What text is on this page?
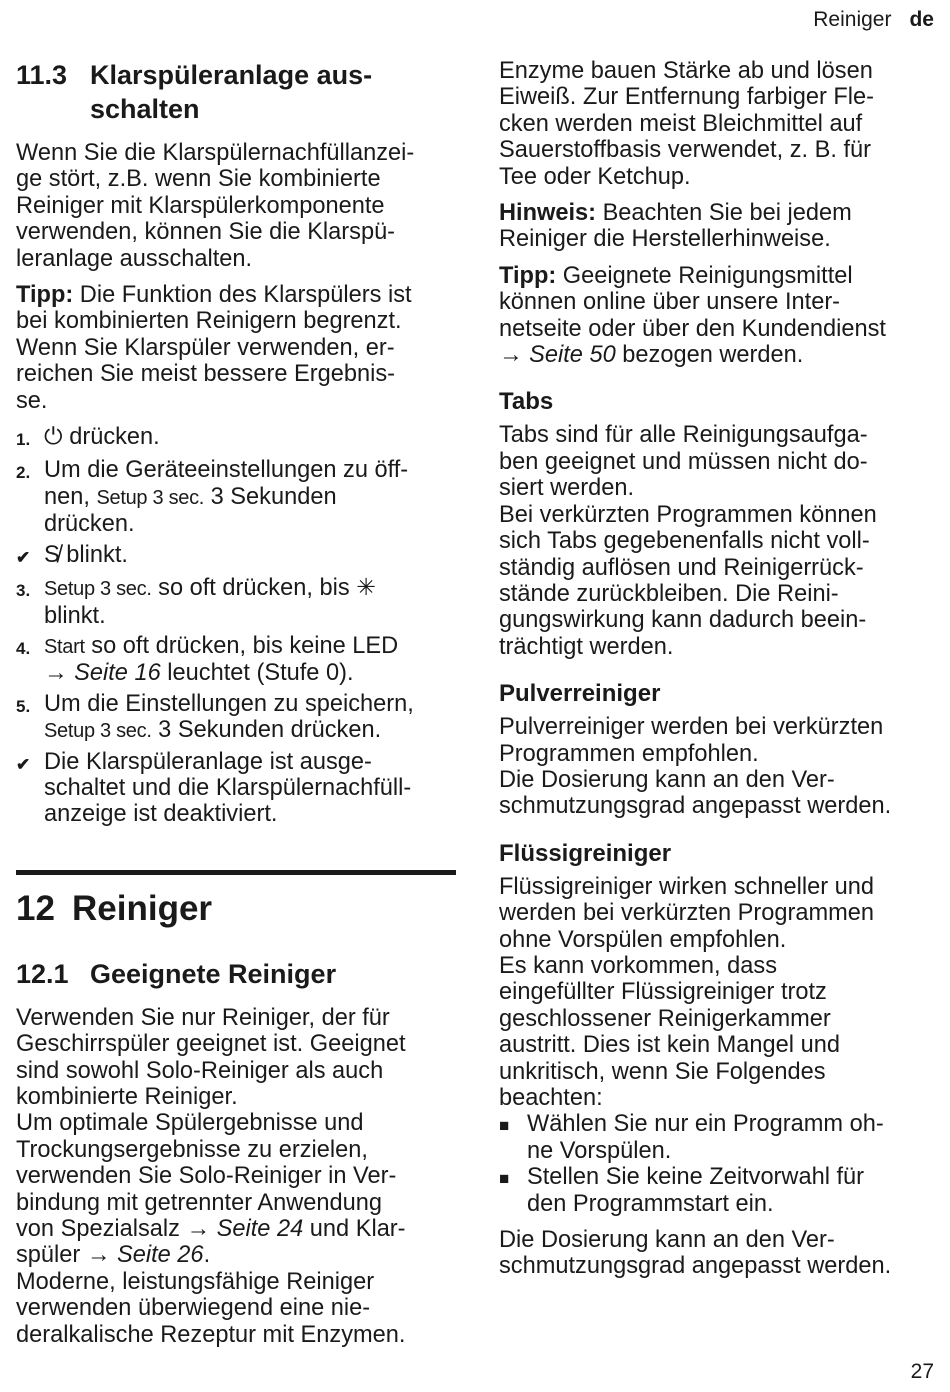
Reiniger de
11.3 Klarspüleranlage aus-
schalten

Wenn Sie die Klarspülernachfüllanzei-
ge stört, z.B. wenn Sie kombinierte
Reiniger mit Klarspülerkomponente
verwenden, können Sie die Klarspü-
leranlage ausschalten.

Tipp: Die Funktion des Klarspülers ist
bei kombinierten Reinigern begrenzt.
Wenn Sie Klarspüler verwenden, er-
reichen Sie meist bessere Ergebnis-
se.

1. ⏻ drücken.
2. Um die Geräteeinstellungen zu öff-
nen, Setup 3 sec. 3 Sekunden
drücken.
✔ S̸ blinkt.
3. Setup 3 sec. so oft drücken, bis ✳
blinkt.
4. Start so oft drücken, bis keine LED
→ Seite 16 leuchtet (Stufe 0).
5. Um die Einstellungen zu speichern,
Setup 3 sec. 3 Sekunden drücken.
✔ Die Klarspüleranlage ist ausge-
schaltet und die Klarspülernachfüll-
anzeige ist deaktiviert.
12 Reiniger
12.1 Geeignete Reiniger

Verwenden Sie nur Reiniger, der für
Geschirrspüler geeignet ist. Geeignet
sind sowohl Solo-Reiniger als auch
kombinierte Reiniger.
Um optimale Spülergebnisse und
Trockungsergebnisse zu erzielen,
verwenden Sie Solo-Reiniger in Ver-
bindung mit getrennter Anwendung
von Spezialsalz → Seite 24 und Klar-
spüler → Seite 26.
Moderne, leistungsfähige Reiniger
verwenden überwiegend eine nie-
deralkalische Rezeptur mit Enzymen.

Enzyme bauen Stärke ab und lösen
Eiweiß. Zur Entfernung farbiger Fle-
cken werden meist Bleichmittel auf
Sauerstoffbasis verwendet, z. B. für
Tee oder Ketchup.

Hinweis: Beachten Sie bei jedem
Reiniger die Herstellerhinweise.

Tipp: Geeignete Reinigungsmittel
können online über unsere Inter-
netseite oder über den Kundendienst
→ Seite 50 bezogen werden.

Tabs

Tabs sind für alle Reinigungsaufga-
ben geeignet und müssen nicht do-
siert werden.
Bei verkürzten Programmen können
sich Tabs gegebenenfalls nicht voll-
ständig auflösen und Reinigerrück-
stände zurückbleiben. Die Reini-
gungswirkung kann dadurch beein-
trächtigt werden.

Pulverreiniger

Pulverreiniger werden bei verkürzten
Programmen empfohlen.
Die Dosierung kann an den Ver-
schmutzungsgrad angepasst werden.

Flüssigreiniger

Flüssigreiniger wirken schneller und
werden bei verkürzten Programmen
ohne Vorspülen empfohlen.
Es kann vorkommen, dass
eingefüllter Flüssigreiniger trotz
geschlossener Reinigerkammer
austritt. Dies ist kein Mangel und
unkritisch, wenn Sie Folgendes
beachten:

■ Wählen Sie nur ein Programm oh-
ne Vorspülen.
■ Stellen Sie keine Zeitvorwahl für
den Programmstart ein.

Die Dosierung kann an den Ver-
schmutzungsgrad angepasst werden.

27
